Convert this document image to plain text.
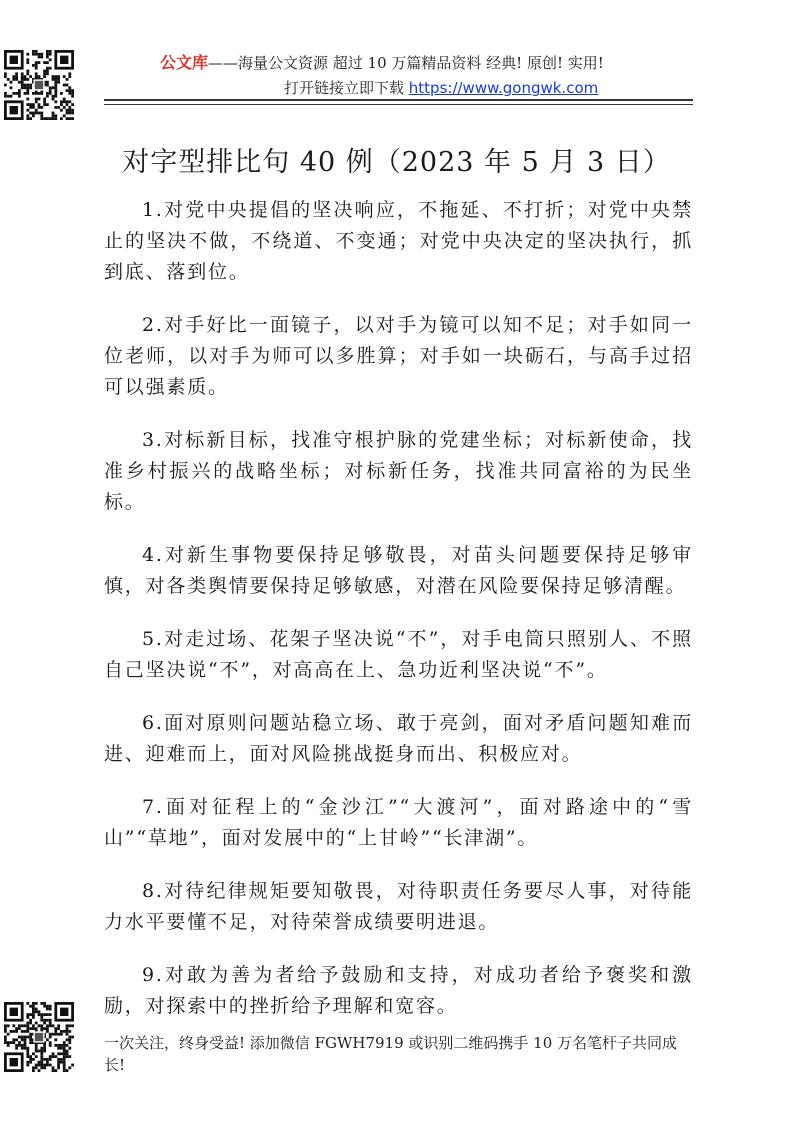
公文库——海量公文资源 超过 10 万篇精品资料 经典! 原创! 实用!
打开链接立即下载 https://www.gongwk.com
对字型排比句 40 例（2023 年 5 月 3 日）

1.对党中央提倡的坚决响应，不拖延、不打折；对党中央禁止的坚决不做，不绕道、不变通；对党中央决定的坚决执行，抓到底、落到位。

2.对手好比一面镜子，以对手为镜可以知不足；对手如同一位老师，以对手为师可以多胜算；对手如一块砺石，与高手过招可以强素质。

3.对标新目标，找准守根护脉的党建坐标；对标新使命，找准乡村振兴的战略坐标；对标新任务，找准共同富裕的为民坐标。

4.对新生事物要保持足够敬畏，对苗头问题要保持足够审慎，对各类舆情要保持足够敏感，对潜在风险要保持足够清醒。

5.对走过场、花架子坚决说“不”，对手电筒只照别人、不照自己坚决说“不”，对高高在上、急功近利坚决说“不”。

6.面对原则问题站稳立场、敢于亮剑，面对矛盾问题知难而进、迎难而上，面对风险挑战挺身而出、积极应对。

7.面对征程上的“金沙江”“大渡河”，面对路途中的“雪山”“草地”，面对发展中的“上甘岭”“长津湖”。

8.对待纪律规矩要知敬畏，对待职责任务要尽人事，对待能力水平要懂不足，对待荣誉成绩要明进退。

9.对敢为善为者给予鼓励和支持，对成功者给予褒奖和激励，对探索中的挫折给予理解和宽容。

一次关注，终身受益! 添加微信 FGWH7919 或识别二维码携手 10 万名笔杆子共同成长!
